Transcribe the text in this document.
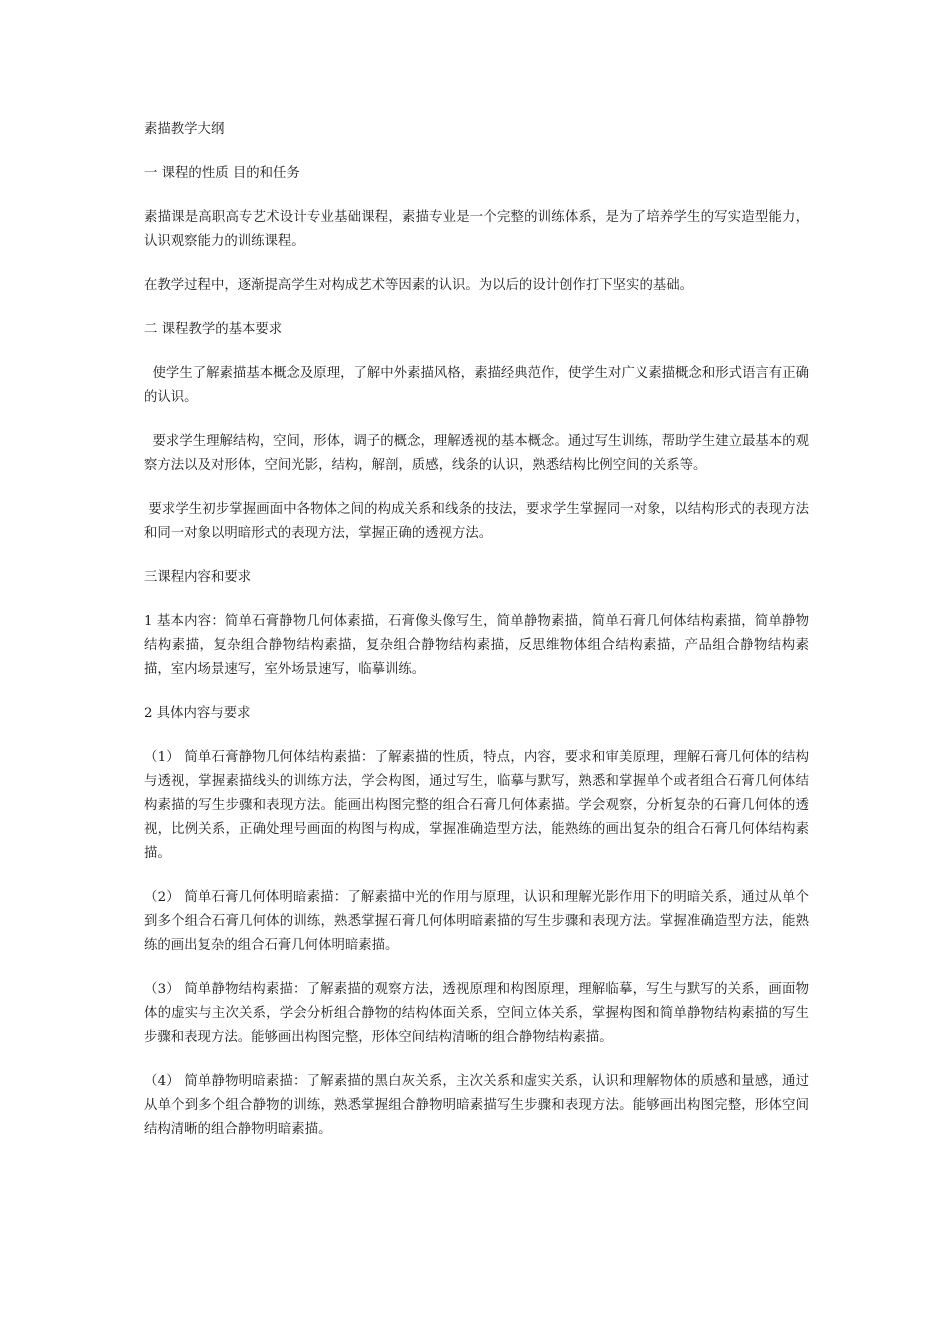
素描教学大纲

一 课程的性质 目的和任务

素描课是高职高专艺术设计专业基础课程，素描专业是一个完整的训练体系，是为了培养学生的写实造型能力，认识观察能力的训练课程。

在教学过程中，逐渐提高学生对构成艺术等因素的认识。为以后的设计创作打下坚实的基础。

二 课程教学的基本要求

使学生了解素描基本概念及原理，了解中外素描风格，素描经典范作，使学生对广义素描概念和形式语言有正确的认识。

要求学生理解结构，空间，形体，调子的概念，理解透视的基本概念。通过写生训练，帮助学生建立最基本的观察方法以及对形体，空间光影，结构，解剖，质感，线条的认识，熟悉结构比例空间的关系等。

要求学生初步掌握画面中各物体之间的构成关系和线条的技法，要求学生掌握同一对象，以结构形式的表现方法和同一对象以明暗形式的表现方法，掌握正确的透视方法。

三课程内容和要求

1 基本内容：简单石膏静物几何体素描，石膏像头像写生，简单静物素描，简单石膏几何体结构素描，简单静物结构素描，复杂组合静物结构素描，复杂组合静物结构素描，反思维物体组合结构素描，产品组合静物结构素描，室内场景速写，室外场景速写，临摹训练。

2 具体内容与要求

（1） 简单石膏静物几何体结构素描：了解素描的性质，特点，内容，要求和审美原理，理解石膏几何体的结构与透视，掌握素描线头的训练方法，学会构图，通过写生，临摹与默写，熟悉和掌握单个或者组合石膏几何体结构素描的写生步骤和表现方法。能画出构图完整的组合石膏几何体素描。学会观察，分析复杂的石膏几何体的透视，比例关系，正确处理号画面的构图与构成，掌握准确造型方法，能熟练的画出复杂的组合石膏几何体结构素描。

（2） 简单石膏几何体明暗素描：了解素描中光的作用与原理，认识和理解光影作用下的明暗关系，通过从单个到多个组合石膏几何体的训练，熟悉掌握石膏几何体明暗素描的写生步骤和表现方法。掌握准确造型方法，能熟练的画出复杂的组合石膏几何体明暗素描。

（3） 简单静物结构素描：了解素描的观察方法，透视原理和构图原理，理解临摹，写生与默写的关系，画面物体的虚实与主次关系，学会分析组合静物的结构体面关系，空间立体关系，掌握构图和简单静物结构素描的写生步骤和表现方法。能够画出构图完整，形体空间结构清晰的组合静物结构素描。

（4） 简单静物明暗素描：了解素描的黑白灰关系，主次关系和虚实关系，认识和理解物体的质感和量感，通过从单个到多个组合静物的训练，熟悉掌握组合静物明暗素描写生步骤和表现方法。能够画出构图完整，形体空间结构清晰的组合静物明暗素描。
